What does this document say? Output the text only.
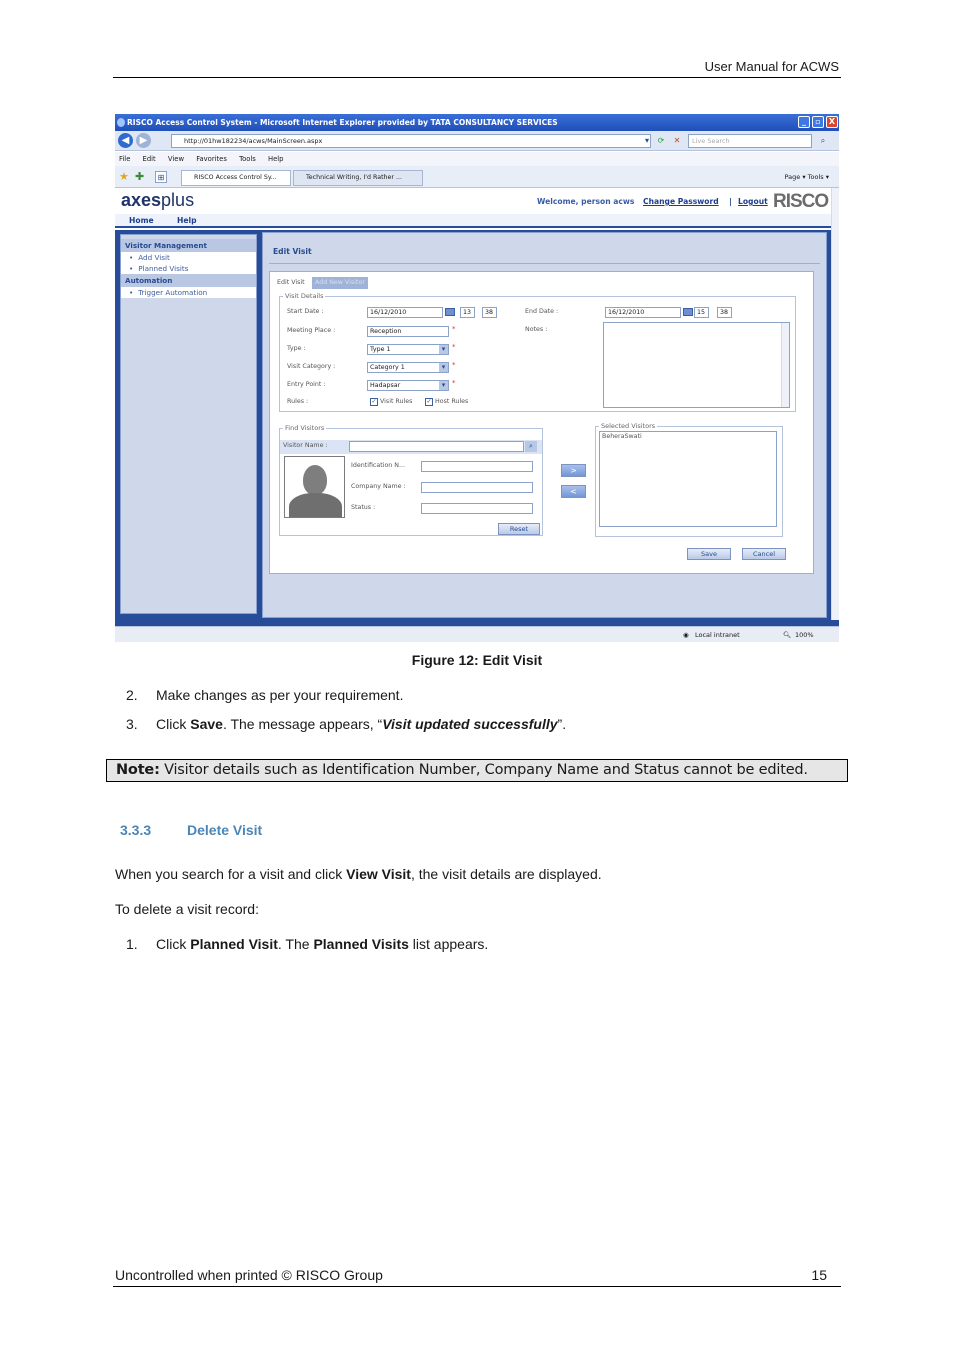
User Manual for ACWS
RISCO Access Control System - Microsoft Internet Explorer provided by TATA CONSULTANCY SERVICES	_	▫	X
◀	▶	http://01hw182234/acws/MainScreen.aspx	▾	⟳	✕	Live Search	⌕
File Edit View Favorites Tools Help
★ ✚	⊞	RISCO Access Control Sy...	Technical Writing, I'd Rather ...	Page ▾ Tools ▾
axesplus	Welcome, person acws Change Password | Logout RISCO
Home	Help
Visitor Management
• Add Visit
• Planned Visits
Automation
• Trigger Automation
Edit Visit
Edit Visit	Add New Visitor
Visit Details
Start Date :	16/12/2010	13	38	End Date :	16/12/2010	15	38
Notes :
Meeting Place :	Reception	*
Type :	Type 1 ▾	*
Visit Category :	Category 1 ▾	*
Entry Point :	Hadapsar ▾	*
Rules :	✓ Visit Rules ✓ Host Rules
Find Visitors
Visitor Name :	⌕
Identification N...
Company Name :
Status :
Reset
>
<
Selected Visitors
BeheraSwati
Save	Cancel
◉ Local intranet	🔍︎ 100%
Figure 12: Edit Visit
2. Make changes as per your requirement.
3. Click Save. The message appears, “Visit updated successfully”.
Note: Visitor details such as Identification Number, Company Name and Status cannot be edited.
3.3.3	Delete Visit
When you search for a visit and click View Visit, the visit details are displayed.
To delete a visit record:
1. Click Planned Visit. The Planned Visits list appears.
Uncontrolled when printed © RISCO Group	15
